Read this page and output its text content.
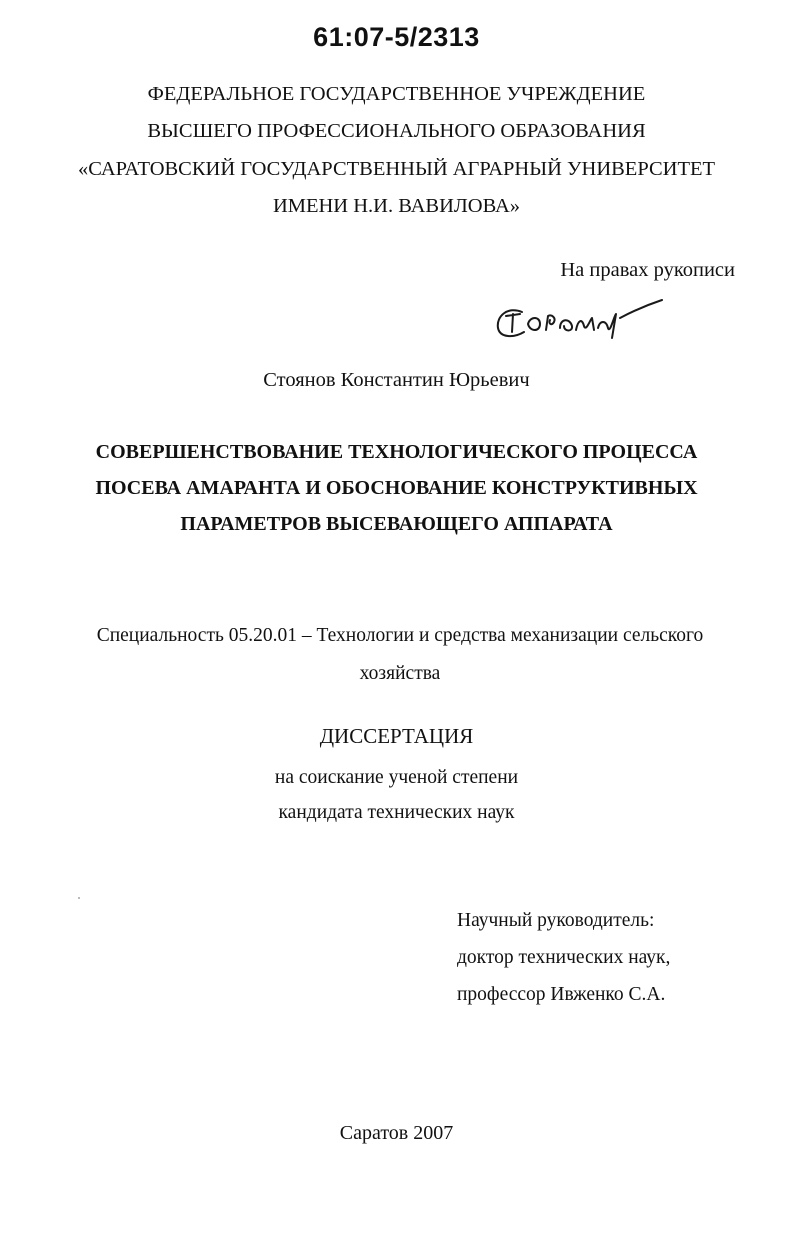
61:07-5/2313
ФЕДЕРАЛЬНОЕ ГОСУДАРСТВЕННОЕ УЧРЕЖДЕНИЕ
ВЫСШЕГО ПРОФЕССИОНАЛЬНОГО ОБРАЗОВАНИЯ
«САРАТОВСКИЙ ГОСУДАРСТВЕННЫЙ АГРАРНЫЙ УНИВЕРСИТЕТ
ИМЕНИ Н.И. ВАВИЛОВА»
На правах рукописи
Стоянов Константин Юрьевич
СОВЕРШЕНСТВОВАНИЕ ТЕХНОЛОГИЧЕСКОГО ПРОЦЕССА
ПОСЕВА АМАРАНТА И ОБОСНОВАНИЕ КОНСТРУКТИВНЫХ
ПАРАМЕТРОВ ВЫСЕВАЮЩЕГО АППАРАТА
Специальность 05.20.01 – Технологии и средства механизации сельского
хозяйства
ДИССЕРТАЦИЯ
на соискание ученой степени
кандидата технических наук
Научный руководитель:
доктор технических наук,
профессор Ивженко С.А.
Саратов 2007
